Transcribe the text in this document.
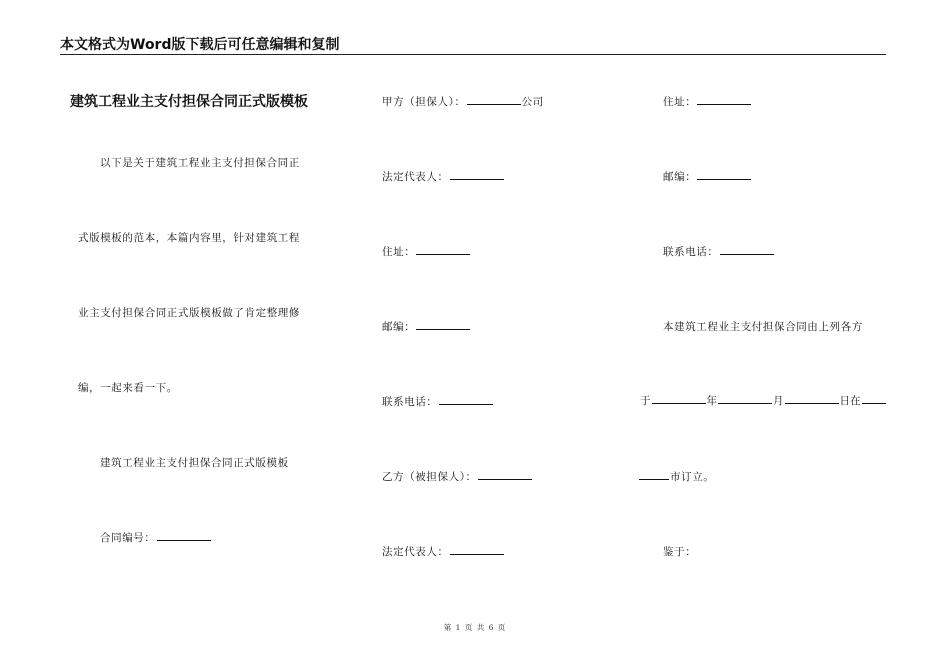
本文格式为Word版下载后可任意编辑和复制
建筑工程业主支付担保合同正式版模板
以下是关于建筑工程业主支付担保合同正
式版模板的范本，本篇内容里，针对建筑工程
业主支付担保合同正式版模板做了肯定整理修
编，一起来看一下。
建筑工程业主支付担保合同正式版模板
合同编号：
甲方（担保人）：	公司
法定代表人：
住址：
邮编：
联系电话：
乙方（被担保人）：
法定代表人：
住址：
邮编：
联系电话：
本建筑工程业主支付担保合同由上列各方
于	年	月	日在
市订立。
鉴于：
第 1 页 共 6 页
